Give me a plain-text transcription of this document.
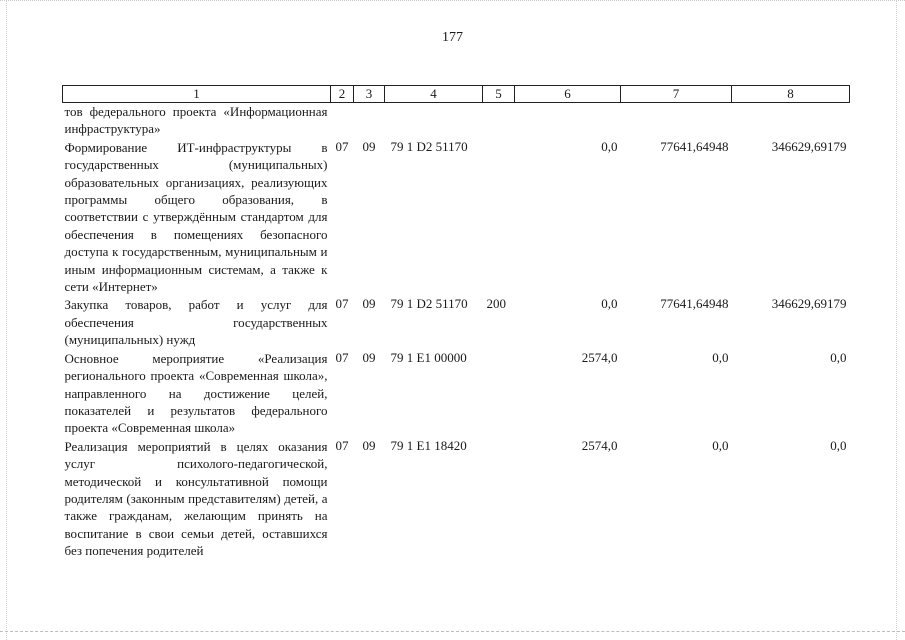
177
1	2	3	4	5	6	7	8
тов федерального проекта «Информационная инфраструктура»							
Формирование ИТ-инфраструктуры в государственных (муниципальных) образовательных организациях, реализующих программы общего образования, в соответствии с утверждённым стандартом для обеспечения в помещениях безопасного доступа к государственным, муниципальным и иным информационным системам, а также к сети «Интернет»	07	09	79 1 D2 51170		0,0	77641,64948	346629,69179
Закупка товаров, работ и услуг для обеспечения государственных (муниципальных) нужд	07	09	79 1 D2 51170	200	0,0	77641,64948	346629,69179
Основное мероприятие «Реализация регионального проекта «Современная школа», направленного на достижение целей, показателей и результатов федерального проекта «Современная школа»	07	09	79 1 E1 00000		2574,0	0,0	0,0
Реализация мероприятий в целях оказания услуг психолого-педагогической, методической и консультативной помощи родителям (законным представителям) детей, а также гражданам, желающим принять на воспитание в свои семьи детей, оставшихся без попечения родителей	07	09	79 1 E1 18420		2574,0	0,0	0,0
